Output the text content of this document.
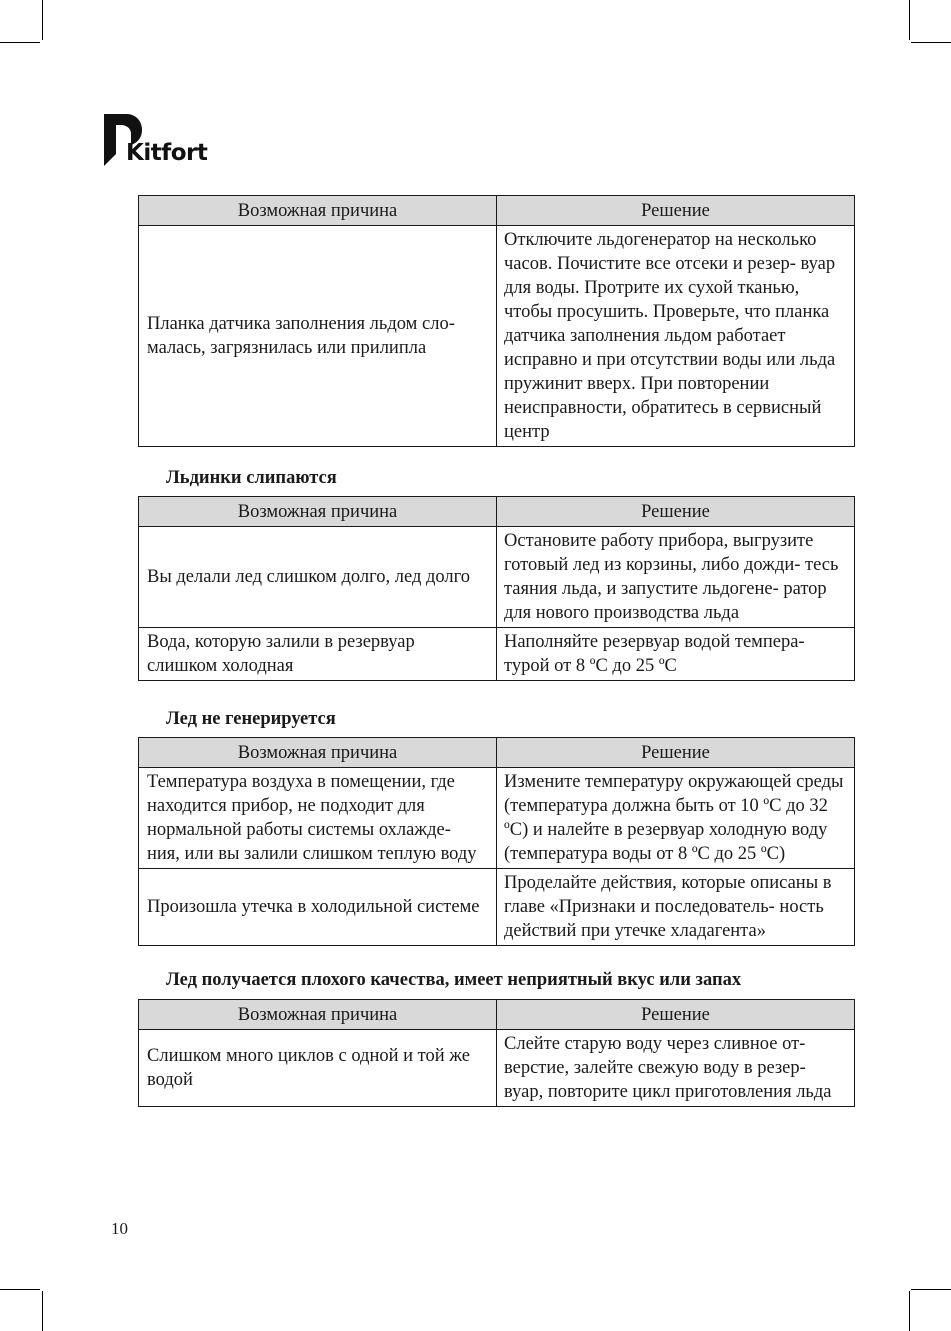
Kitfort
Возможная причина	Решение
Планка датчика заполнения льдом сло- малась, загрязнилась или прилипла	Отключите льдогенератор на несколько часов. Почистите все отсеки и резер- вуар для воды. Протрите их сухой тканью, чтобы просушить. Проверьте, что планка датчика заполнения льдом работает исправно и при отсутствии воды или льда пружинит вверх. При повторении неисправности, обратитесь в сервисный центр
Льдинки слипаются
Возможная причина	Решение
Вы делали лед слишком долго, лед долго	Остановите работу прибора, выгрузите готовый лед из корзины, либо дожди- тесь таяния льда, и запустите льдогене- ратор для нового производства льда
Вода, которую залили в резервуар слишком холодная	Наполняйте резервуар водой темпера- турой от 8 ºС до 25 ºС
Лед не генерируется
Возможная причина	Решение
Температура воздуха в помещении, где находится прибор, не подходит для нормальной работы системы охлажде- ния, или вы залили слишком теплую воду	Измените температуру окружающей среды (температура должна быть от 10 ºС до 32 ºС) и налейте в резервуар холодную воду (температура воды от 8 ºС до 25 ºС)
Произошла утечка в холодильной системе	Проделайте действия, которые описаны в главе «Признаки и последователь- ность действий при утечке хладагента»
Лед получается плохого качества, имеет неприятный вкус или запах
Возможная причина	Решение
Слишком много циклов с одной и той же водой	Слейте старую воду через сливное от- верстие, залейте свежую воду в резер- вуар, повторите цикл приготовления льда
10
